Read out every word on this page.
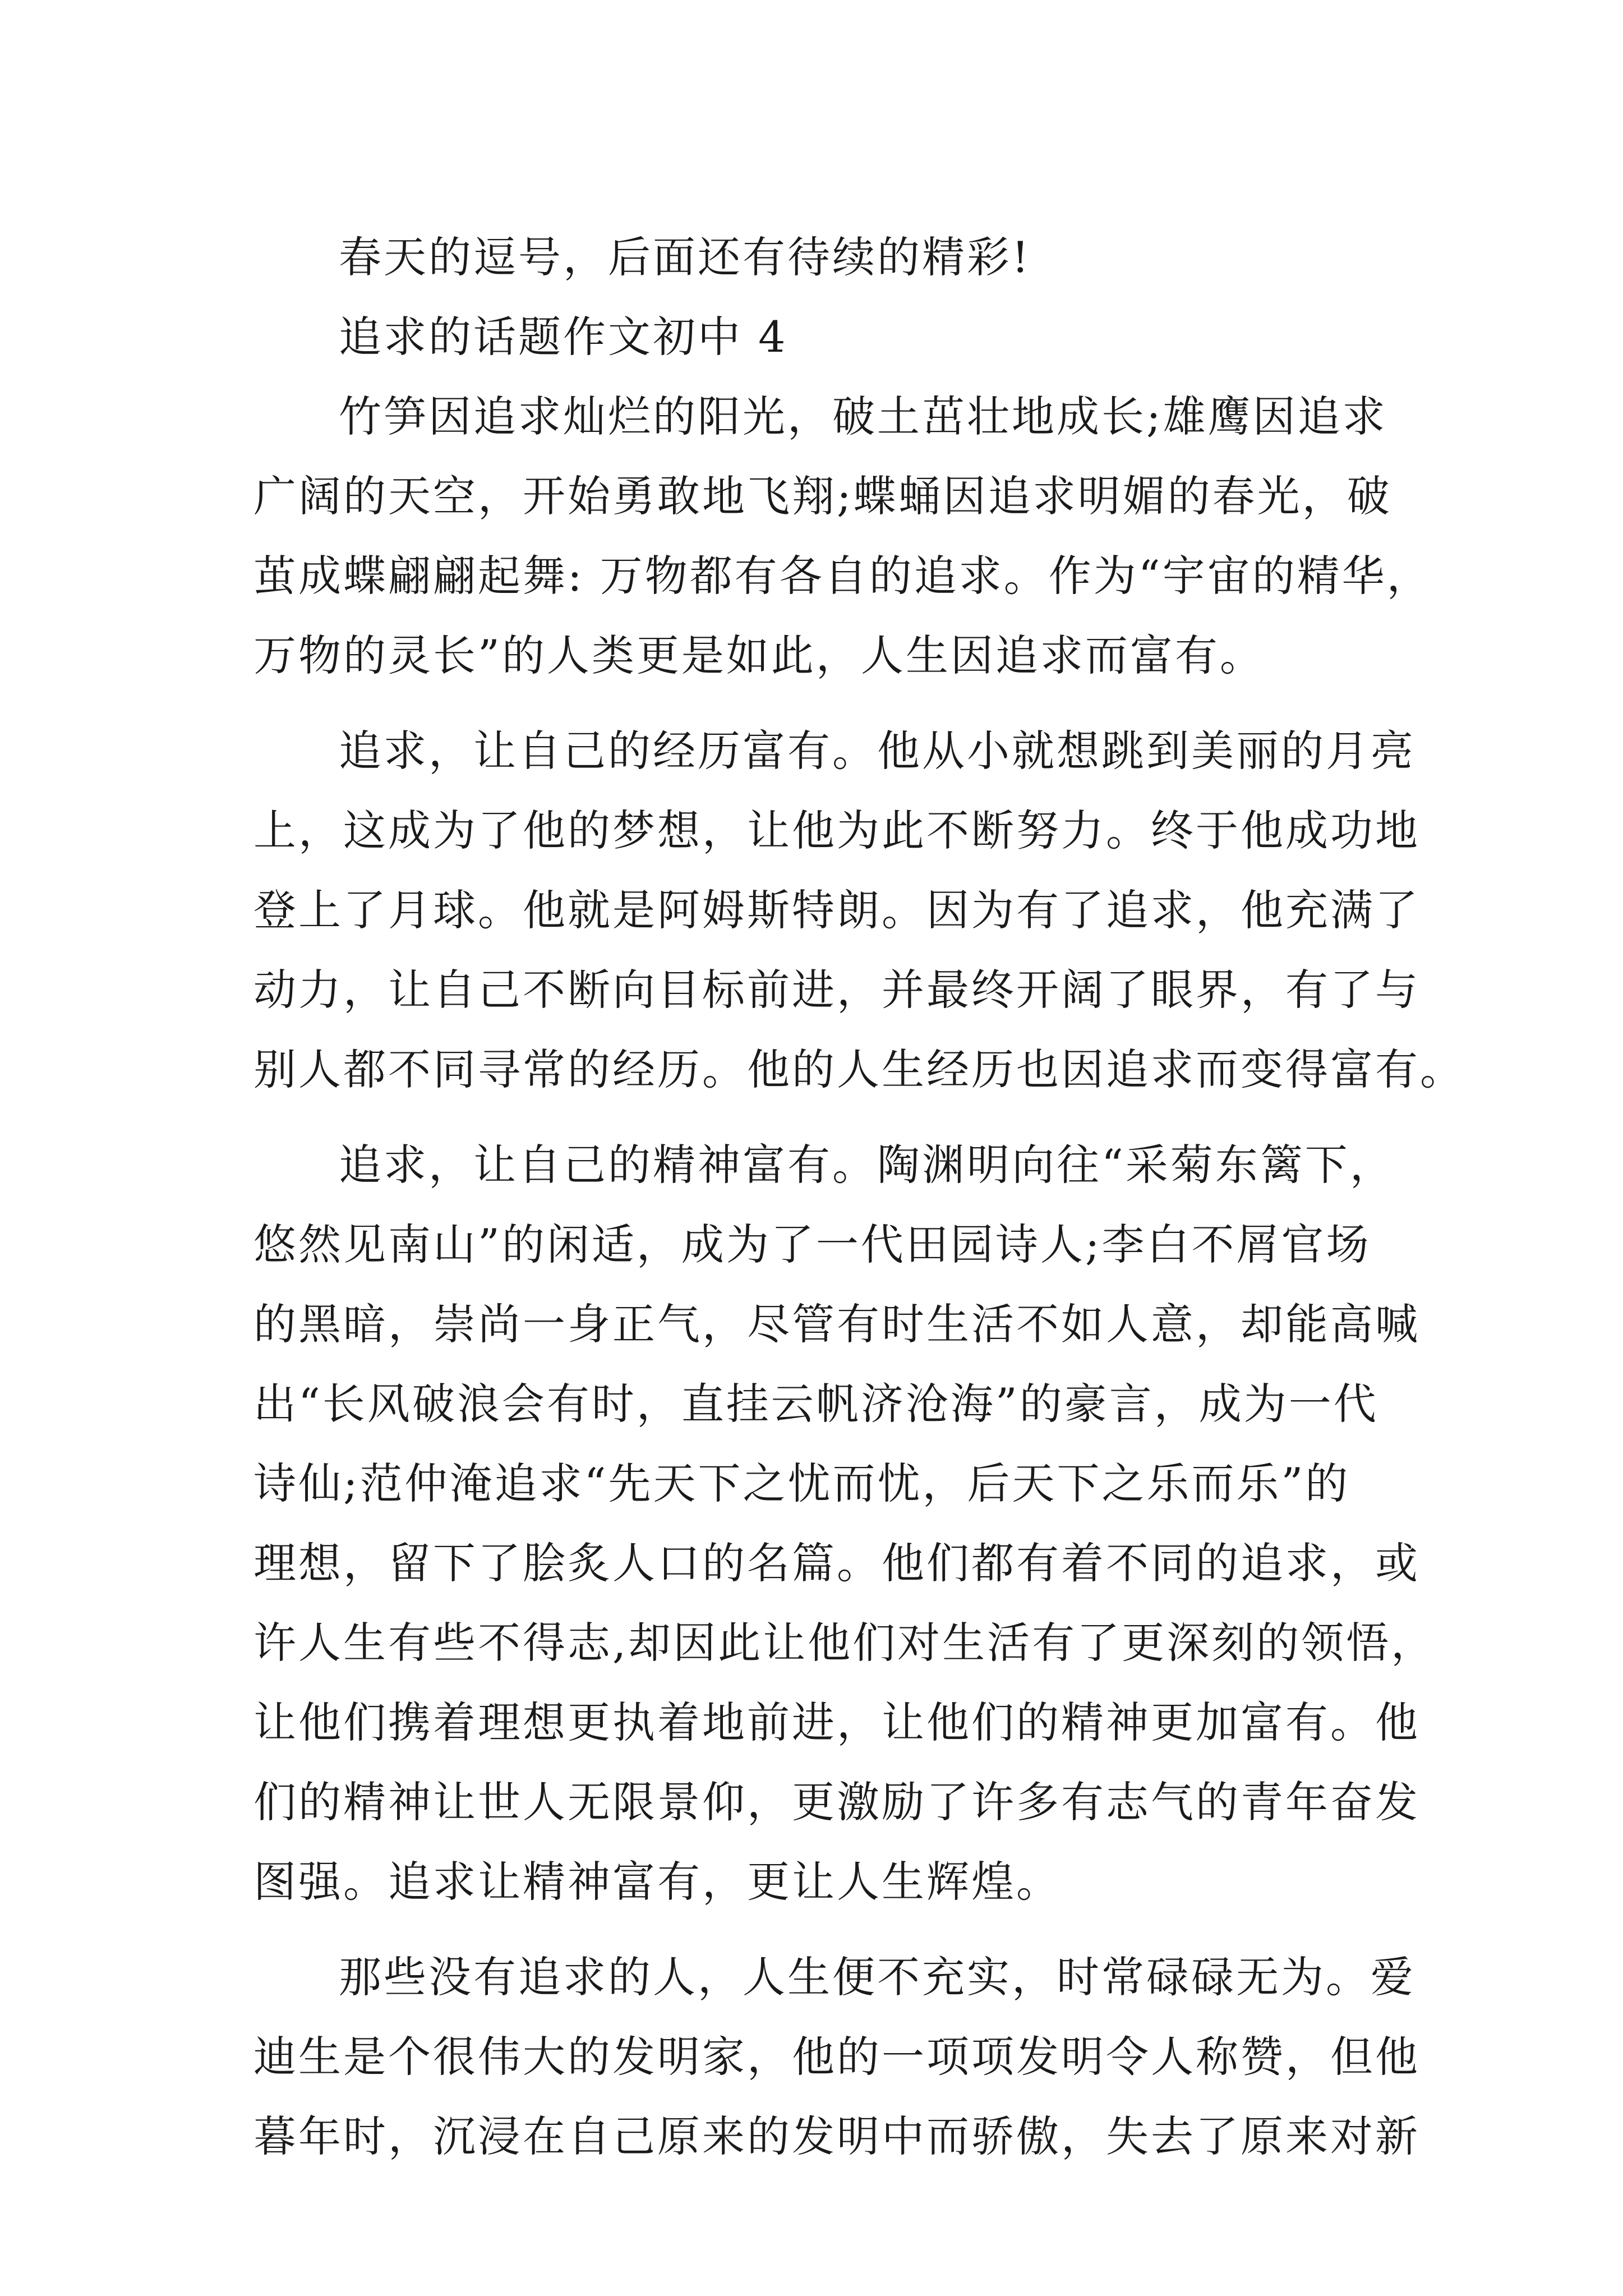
春天的逗号，后面还有待续的精彩!
追求的话题作文初中 4
竹笋因追求灿烂的阳光，破土茁壮地成长;雄鹰因追求
广阔的天空，开始勇敢地飞翔;蝶蛹因追求明媚的春光，破
茧成蝶翩翩起舞: 万物都有各自的追求。作为“宇宙的精华，
万物的灵长”的人类更是如此，人生因追求而富有。
追求，让自己的经历富有。他从小就想跳到美丽的月亮
上，这成为了他的梦想，让他为此不断努力。终于他成功地
登上了月球。他就是阿姆斯特朗。因为有了追求，他充满了
动力，让自己不断向目标前进，并最终开阔了眼界，有了与
别人都不同寻常的经历。他的人生经历也因追求而变得富有。
追求，让自己的精神富有。陶渊明向往“采菊东篱下，
悠然见南山”的闲适，成为了一代田园诗人;李白不屑官场
的黑暗，崇尚一身正气，尽管有时生活不如人意，却能高喊
出“长风破浪会有时，直挂云帆济沧海”的豪言，成为一代
诗仙;范仲淹追求“先天下之忧而忧，后天下之乐而乐”的
理想，留下了脍炙人口的名篇。他们都有着不同的追求，或
许人生有些不得志,却因此让他们对生活有了更深刻的领悟，
让他们携着理想更执着地前进，让他们的精神更加富有。他
们的精神让世人无限景仰，更激励了许多有志气的青年奋发
图强。追求让精神富有，更让人生辉煌。
那些没有追求的人，人生便不充实，时常碌碌无为。爱
迪生是个很伟大的发明家，他的一项项发明令人称赞，但他
暮年时，沉浸在自己原来的发明中而骄傲，失去了原来对新
